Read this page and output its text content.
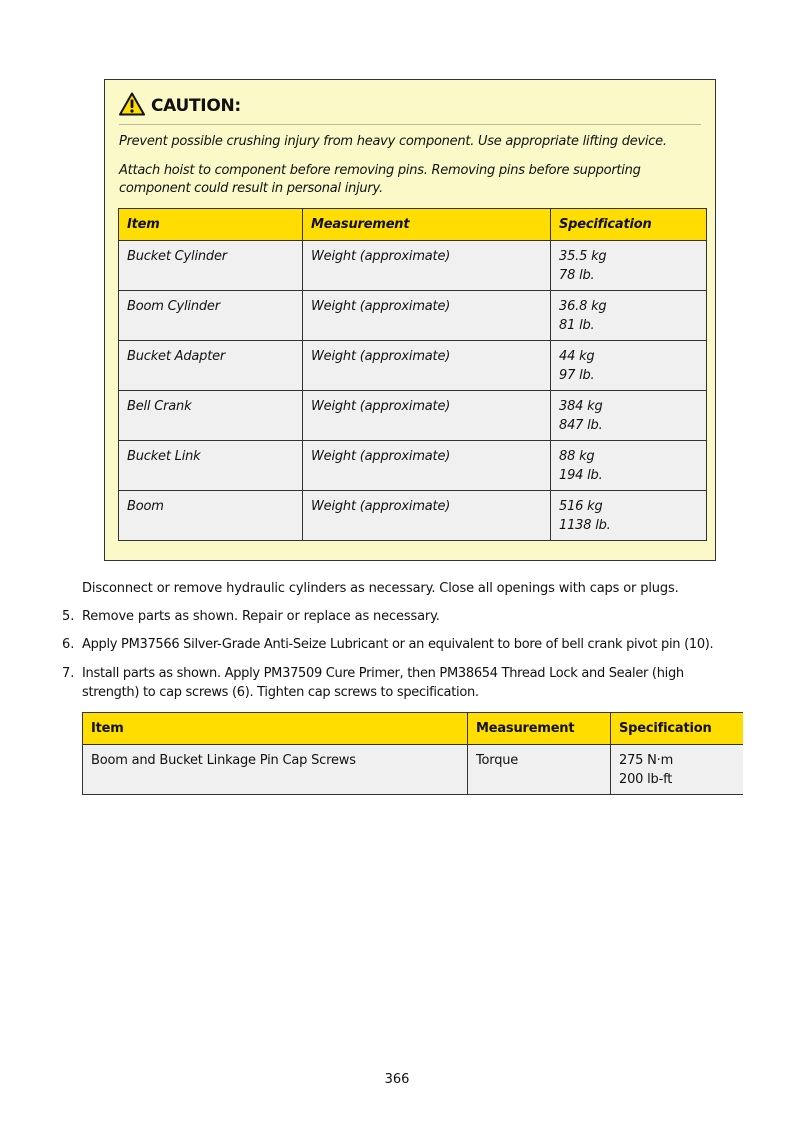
CAUTION:

Prevent possible crushing injury from heavy component. Use appropriate lifting device.

Attach hoist to component before removing pins. Removing pins before supporting component could result in personal injury.

Item	Measurement	Specification
Bucket Cylinder	Weight (approximate)	35.5 kg
78 lb.

Boom Cylinder	Weight (approximate)	36.8 kg
81 lb.

Bucket Adapter	Weight (approximate)	44 kg
97 lb.

Bell Crank	Weight (approximate)	384 kg
847 lb.

Bucket Link	Weight (approximate)	88 kg
194 lb.

Boom	Weight (approximate)	516 kg
1138 lb.

Disconnect or remove hydraulic cylinders as necessary. Close all openings with caps or plugs.

5. Remove parts as shown. Repair or replace as necessary.

6. Apply PM37566 Silver-Grade Anti-Seize Lubricant or an equivalent to bore of bell crank pivot pin (10).

7. Install parts as shown. Apply PM37509 Cure Primer, then PM38654 Thread Lock and Sealer (high
strength) to cap screws (6). Tighten cap screws to specification.

Item	Measurement	Specification
Boom and Bucket Linkage Pin Cap Screws	Torque	275 N·m
200 lb-ft
366
